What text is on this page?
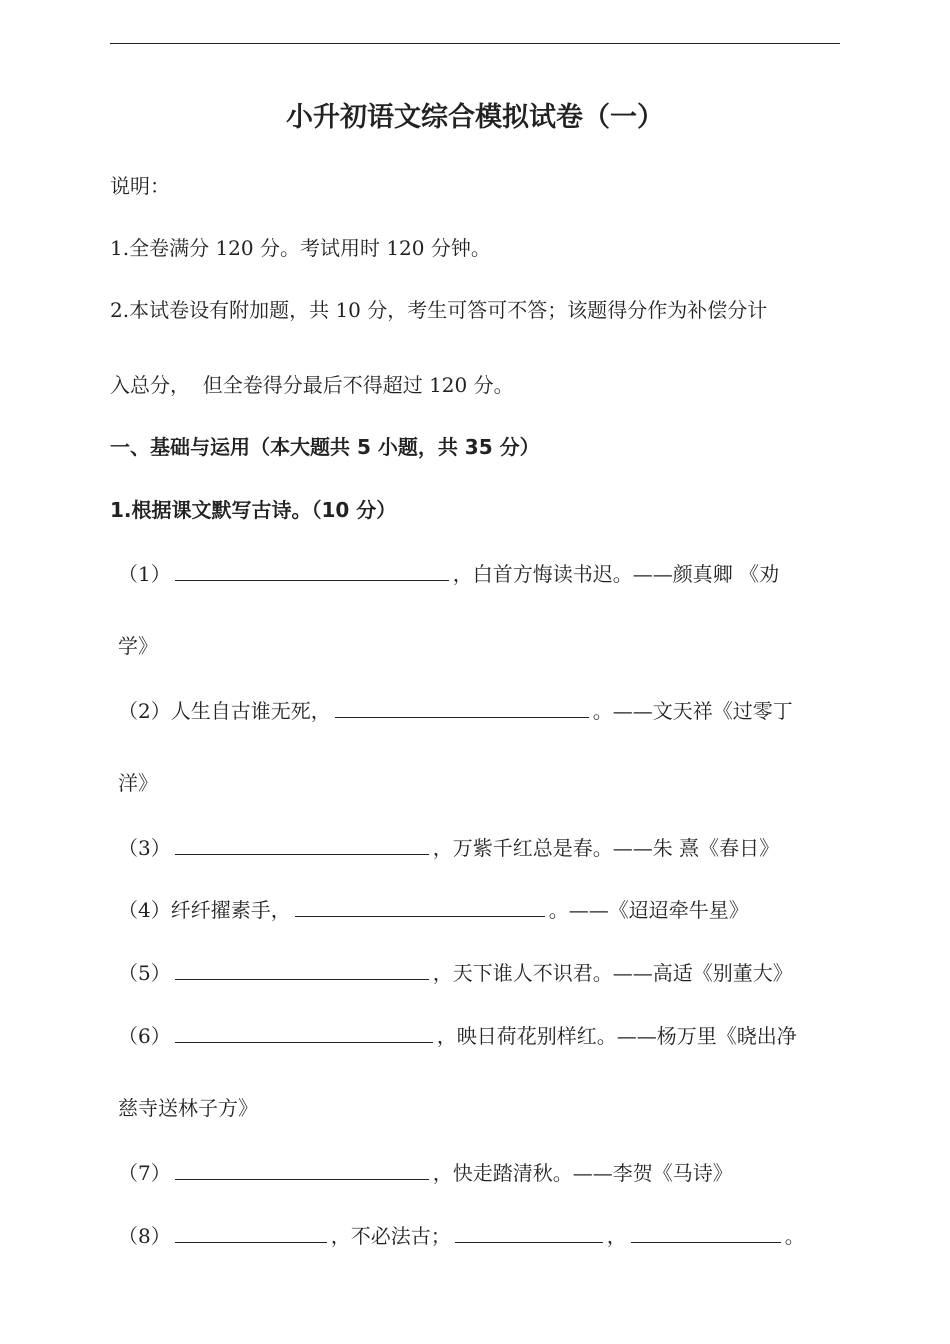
小升初语文综合模拟试卷（一）
说明：
1.全卷满分 120 分。考试用时 120 分钟。
2.本试卷设有附加题，共 10 分，考生可答可不答；该题得分作为补偿分计
入总分，  但全卷得分最后不得超过 120 分。
一、基础与运用（本大题共 5 小题，共 35 分）
1.根据课文默写古诗。（10 分）
（1）	，白首方悔读书迟。——颜真卿 《劝
学》
（2）人生自古谁无死，	。——文天祥《过零丁
洋》
（3）	，万紫千红总是春。——朱 熹《春日》
（4）纤纤擢素手，	。——《迢迢牵牛星》
（5）	，天下谁人不识君。——高适《别董大》
（6）	，映日荷花别样红。——杨万里《晓出净
慈寺送林子方》
（7）	，快走踏清秋。——李贺《马诗》
（8）	，不必法古；	，	。
